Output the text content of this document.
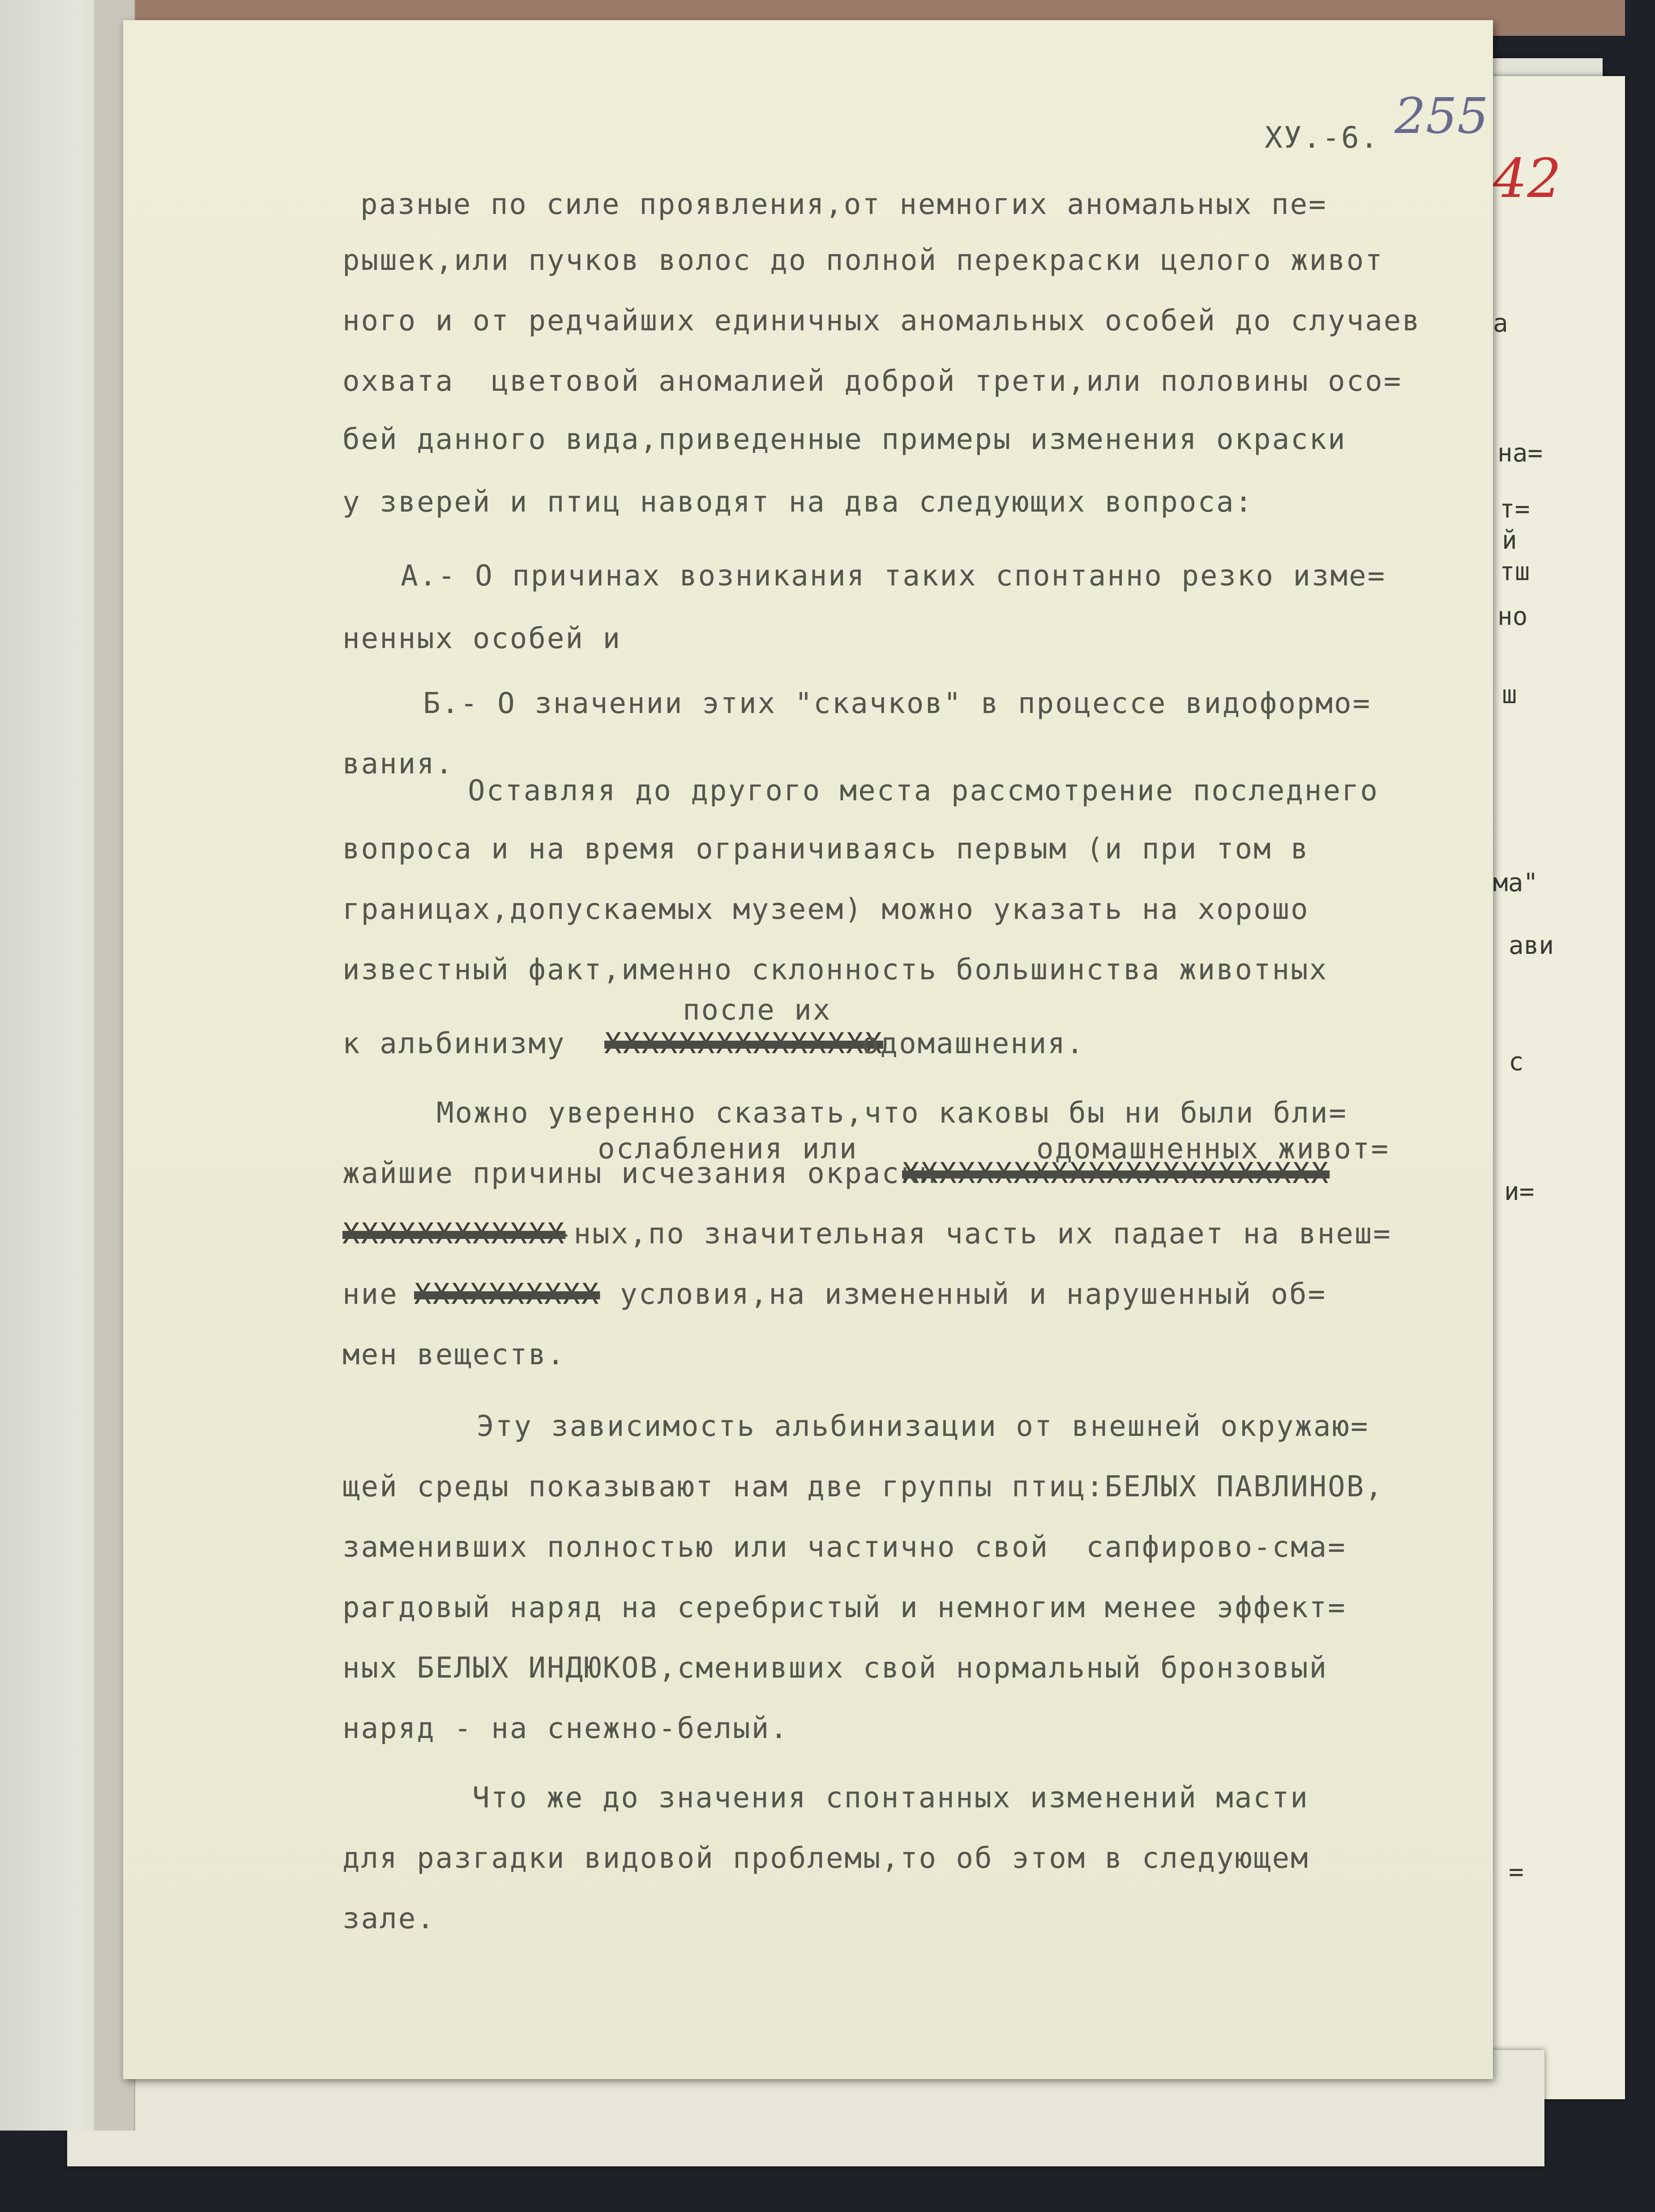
а
на=
т=
й
тш
но
ш
ма"
ави
с
и=
=
42
ХУ.-6. 255
разные по силе проявления,от немногих аномальных пе=
рышек,или пучков волос до полной перекраски целого живот
ного и от редчайших единичных аномальных особей до случаев
охвата  цветовой аномалией доброй трети,или половины осо=
бей данного вида,приведенные примеры изменения окраски
у зверей и птиц наводят на два следующих вопроса:
А.- О причинах возникания таких спонтанно резко изме=
ненных особей и
Б.- О значении этих "скачков" в процессе видоформо=
вания.
Оставляя до другого места рассмотрение последнего
вопроса и на время ограничиваясь первым (и при том в
границах,допускаемых музеем) можно указать на хорошо
известный факт,именно склонность большинства животных
после их
к альбинизму XXXXXXXXXXXXXXX
одомашнения.
Можно уверенно сказать,что каковы бы ни были бли=
ослабления или	одомашненных живот=
жайшие причины исчезания окраски
XXXXXXXXXXXXXXXXXXXXXXX
XXXXXXXXXXXX
-ных,по значительная часть их падает на внеш=
ние XXXXXXXXXX условия,на измененный и нарушенный об=
мен веществ.
Эту зависимость альбинизации от внешней окружаю=
щей среды показывают нам две группы птиц:БЕЛЫХ ПАВЛИНОВ,
заменивших полностью или частично свой  сапфирово-сма=
рагдовый наряд на серебристый и немногим менее эффект=
ных БЕЛЫХ ИНДЮКОВ,сменивших свой нормальный бронзовый
наряд - на снежно-белый.
Что же до значения спонтанных изменений масти
для разгадки видовой проблемы,то об этом в следующем
зале.
